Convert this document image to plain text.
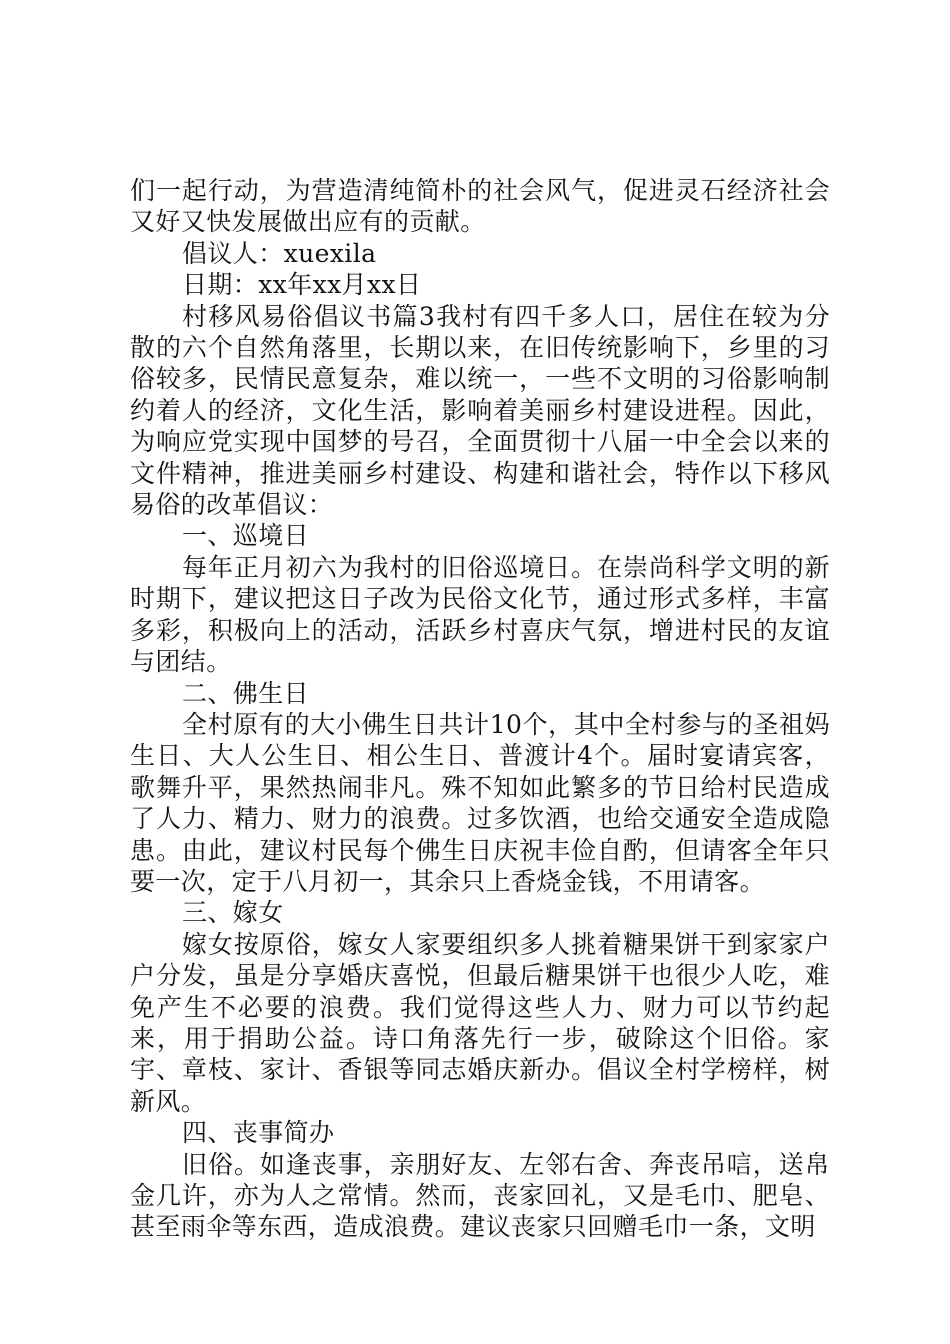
们一起行动，为营造清纯简朴的社会风气，促进灵石经济社会又好又快发展做出应有的贡献。

倡议人：xuexila

日期：xx年xx月xx日

村移风易俗倡议书篇3我村有四千多人口，居住在较为分散的六个自然角落里，长期以来，在旧传统影响下，乡里的习俗较多，民情民意复杂，难以统一，一些不文明的习俗影响制约着人的经济，文化生活，影响着美丽乡村建设进程。因此，为响应党实现中国梦的号召，全面贯彻十八届一中全会以来的文件精神，推进美丽乡村建设、构建和谐社会，特作以下移风易俗的改革倡议：

一、巡境日

每年正月初六为我村的旧俗巡境日。在崇尚科学文明的新时期下，建议把这日子改为民俗文化节，通过形式多样，丰富多彩，积极向上的活动，活跃乡村喜庆气氛，增进村民的友谊与团结。

二、佛生日

全村原有的大小佛生日共计10个，其中全村参与的圣祖妈生日、大人公生日、相公生日、普渡计4个。届时宴请宾客，歌舞升平，果然热闹非凡。殊不知如此繁多的节日给村民造成了人力、精力、财力的浪费。过多饮酒，也给交通安全造成隐患。由此，建议村民每个佛生日庆祝丰俭自酌，但请客全年只要一次，定于八月初一，其余只上香烧金钱，不用请客。

三、嫁女

嫁女按原俗，嫁女人家要组织多人挑着糖果饼干到家家户户分发，虽是分享婚庆喜悦，但最后糖果饼干也很少人吃，难免产生不必要的浪费。我们觉得这些人力、财力可以节约起来，用于捐助公益。诗口角落先行一步，破除这个旧俗。家宇、章枝、家计、香银等同志婚庆新办。倡议全村学榜样，树新风。

四、丧事简办

旧俗。如逢丧事，亲朋好友、左邻右舍、奔丧吊唁，送帛金几许，亦为人之常情。然而，丧家回礼，又是毛巾、肥皂、甚至雨伞等东西，造成浪费。建议丧家只回赠毛巾一条，文明
